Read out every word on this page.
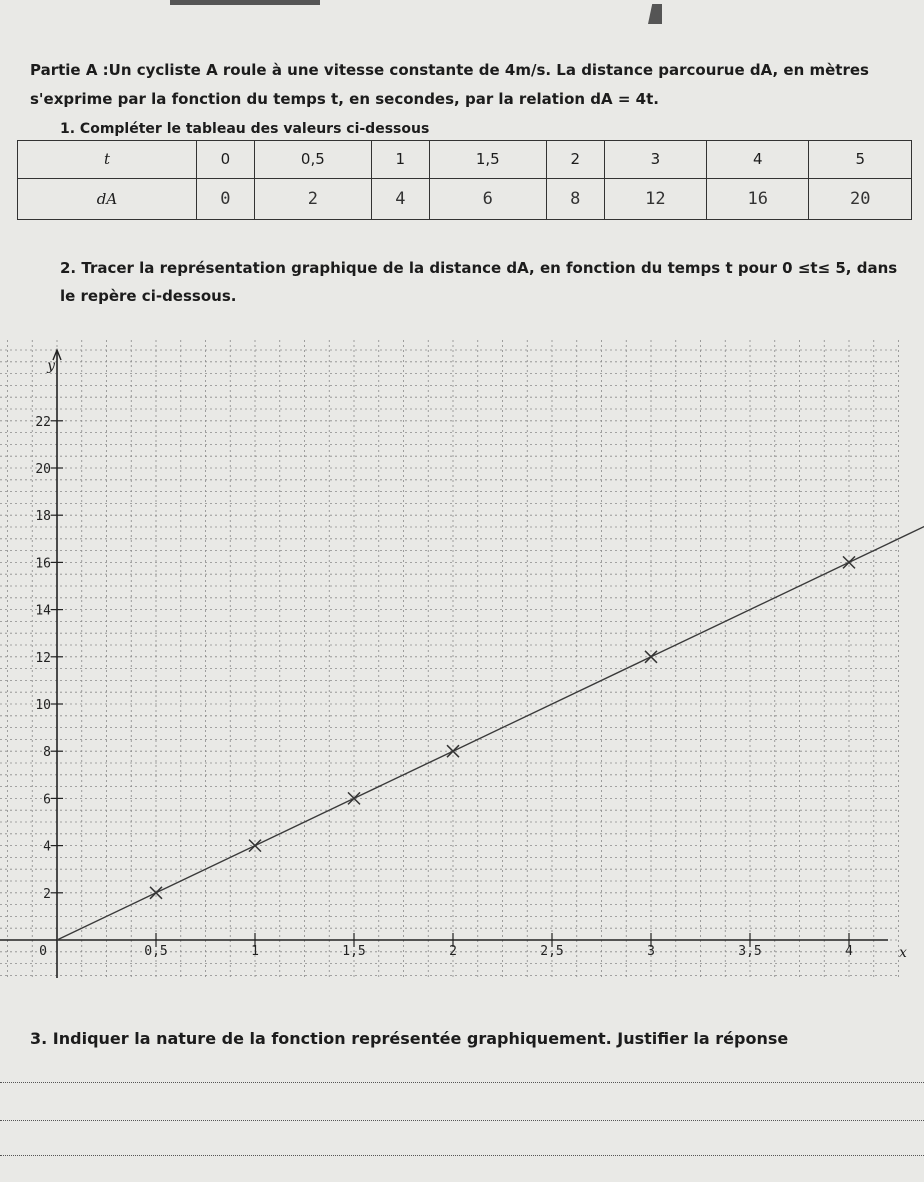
Partie A :Un cycliste A roule à une vitesse constante de 4m/s. La distance parcourue dA, en mètres
s'exprime par la fonction du temps t, en secondes, par la relation dA = 4t.
1. Compléter le tableau des valeurs ci-dessous
t	0	0,5	1	1,5	2	3	4	5
dA	0	2	4	6	8	12	16	20
2. Tracer la représentation graphique de la distance dA, en fonction du temps t pour 0 ≤t≤ 5, dans
le repère ci-dessous.
y
x
0	0,5	1	1,5	2	2,5	3	3,5	4
2
4
6
8
10
12
14
16
18
20
22
3. Indiquer la nature de la fonction représentée graphiquement. Justifier la réponse
